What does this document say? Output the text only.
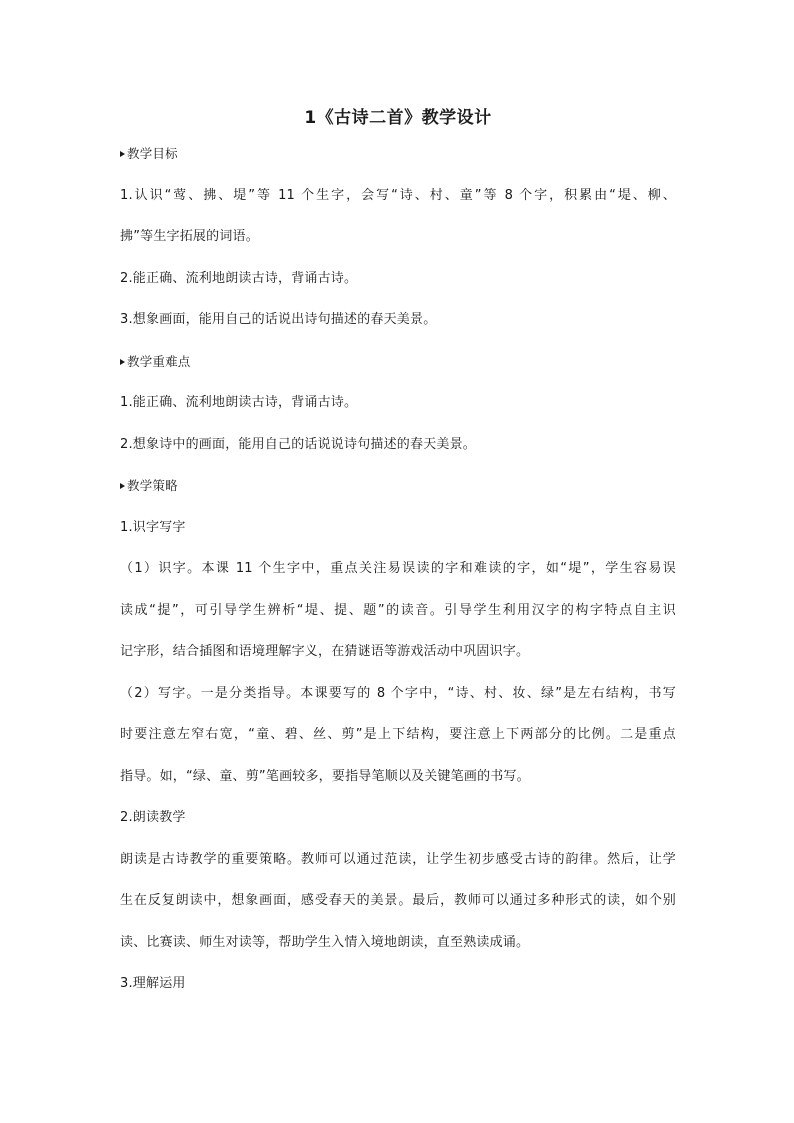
1《古诗二首》教学设计
教学目标
1.认识“莺、拂、堤”等 11 个生字，会写“诗、村、童”等 8 个字，积累由“堤、柳、
拂”等生字拓展的词语。
2.能正确、流利地朗读古诗，背诵古诗。
3.想象画面，能用自己的话说出诗句描述的春天美景。
教学重难点
1.能正确、流利地朗读古诗，背诵古诗。
2.想象诗中的画面，能用自己的话说说诗句描述的春天美景。
教学策略
1.识字写字
（1）识字。本课 11 个生字中，重点关注易误读的字和难读的字，如“堤”，学生容易误
读成“提”，可引导学生辨析“堤、提、题”的读音。引导学生利用汉字的构字特点自主识
记字形，结合插图和语境理解字义，在猜谜语等游戏活动中巩固识字。
（2）写字。一是分类指导。本课要写的 8 个字中，“诗、村、妆、绿”是左右结构，书写
时要注意左窄右宽，“童、碧、丝、剪”是上下结构，要注意上下两部分的比例。二是重点
指导。如，“绿、童、剪”笔画较多，要指导笔顺以及关键笔画的书写。
2.朗读教学
朗读是古诗教学的重要策略。教师可以通过范读，让学生初步感受古诗的韵律。然后，让学
生在反复朗读中，想象画面，感受春天的美景。最后，教师可以通过多种形式的读，如个别
读、比赛读、师生对读等，帮助学生入情入境地朗读，直至熟读成诵。
3.理解运用
